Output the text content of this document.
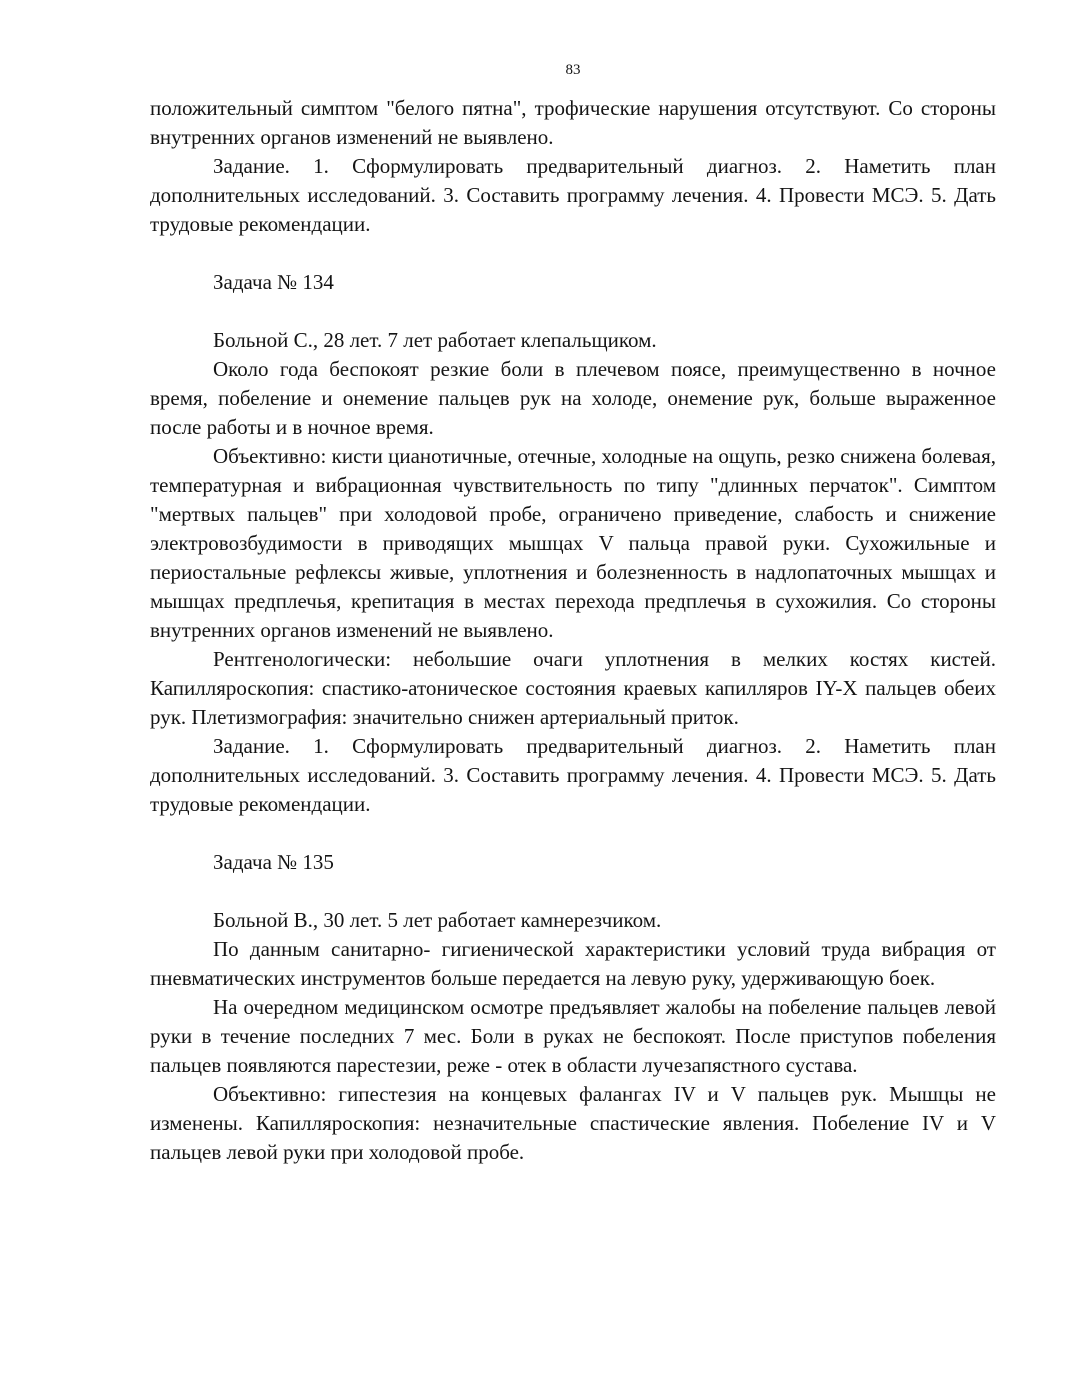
83

положительный симптом "белого пятна", трофические нарушения отсутствуют. Со стороны внутренних органов изменений не выявлено.

Задание. 1. Сформулировать предварительный диагноз. 2. Наметить план дополнительных исследований. 3. Составить программу лечения. 4. Провести МСЭ. 5. Дать трудовые рекомендации.

Задача № 134

Больной С., 28 лет. 7 лет работает клепальщиком.

Около года беспокоят резкие боли в плечевом поясе, преимущественно в ночное время, побеление и онемение пальцев рук на холоде, онемение рук, больше выраженное после работы и в ночное время.

Объективно: кисти цианотичные, отечные, холодные на ощупь, резко снижена болевая, температурная и вибрационная чувствительность по типу "длинных перчаток". Симптом "мертвых пальцев" при холодовой пробе, ограничено приведение, слабость и снижение электровозбудимости в приводящих мышцах V пальца правой руки. Сухожильные и периостальные рефлексы живые, уплотнения и болезненность в надлопаточных мышцах и мышцах предплечья, крепитация в местах перехода предплечья в сухожилия. Со стороны внутренних органов изменений не выявлено.

Рентгенологически: небольшие очаги уплотнения в мелких костях кистей. Капилляроскопия: спастико-атоническое состояния краевых капилляров IY-X пальцев обеих рук. Плетизмография: значительно снижен артериальный приток.

Задание. 1. Сформулировать предварительный диагноз. 2. Наметить план дополнительных исследований. 3. Составить программу лечения. 4. Провести МСЭ. 5. Дать трудовые рекомендации.

Задача № 135

Больной В., 30 лет. 5 лет работает камнерезчиком.

По данным санитарно- гигиенической характеристики условий труда вибрация от пневматических инструментов больше передается на левую руку, удерживающую боек.

На очередном медицинском осмотре предъявляет жалобы на побеление пальцев левой руки в течение последних 7 мес. Боли в руках не беспокоят. После приступов побеления пальцев появляются парестезии, реже - отек в области лучезапястного сустава.

Объективно: гипестезия на концевых фалангах IV и V пальцев рук. Мышцы не изменены. Капилляроскопия: незначительные спастические явления. Побеление IV и V пальцев левой руки при холодовой пробе.
